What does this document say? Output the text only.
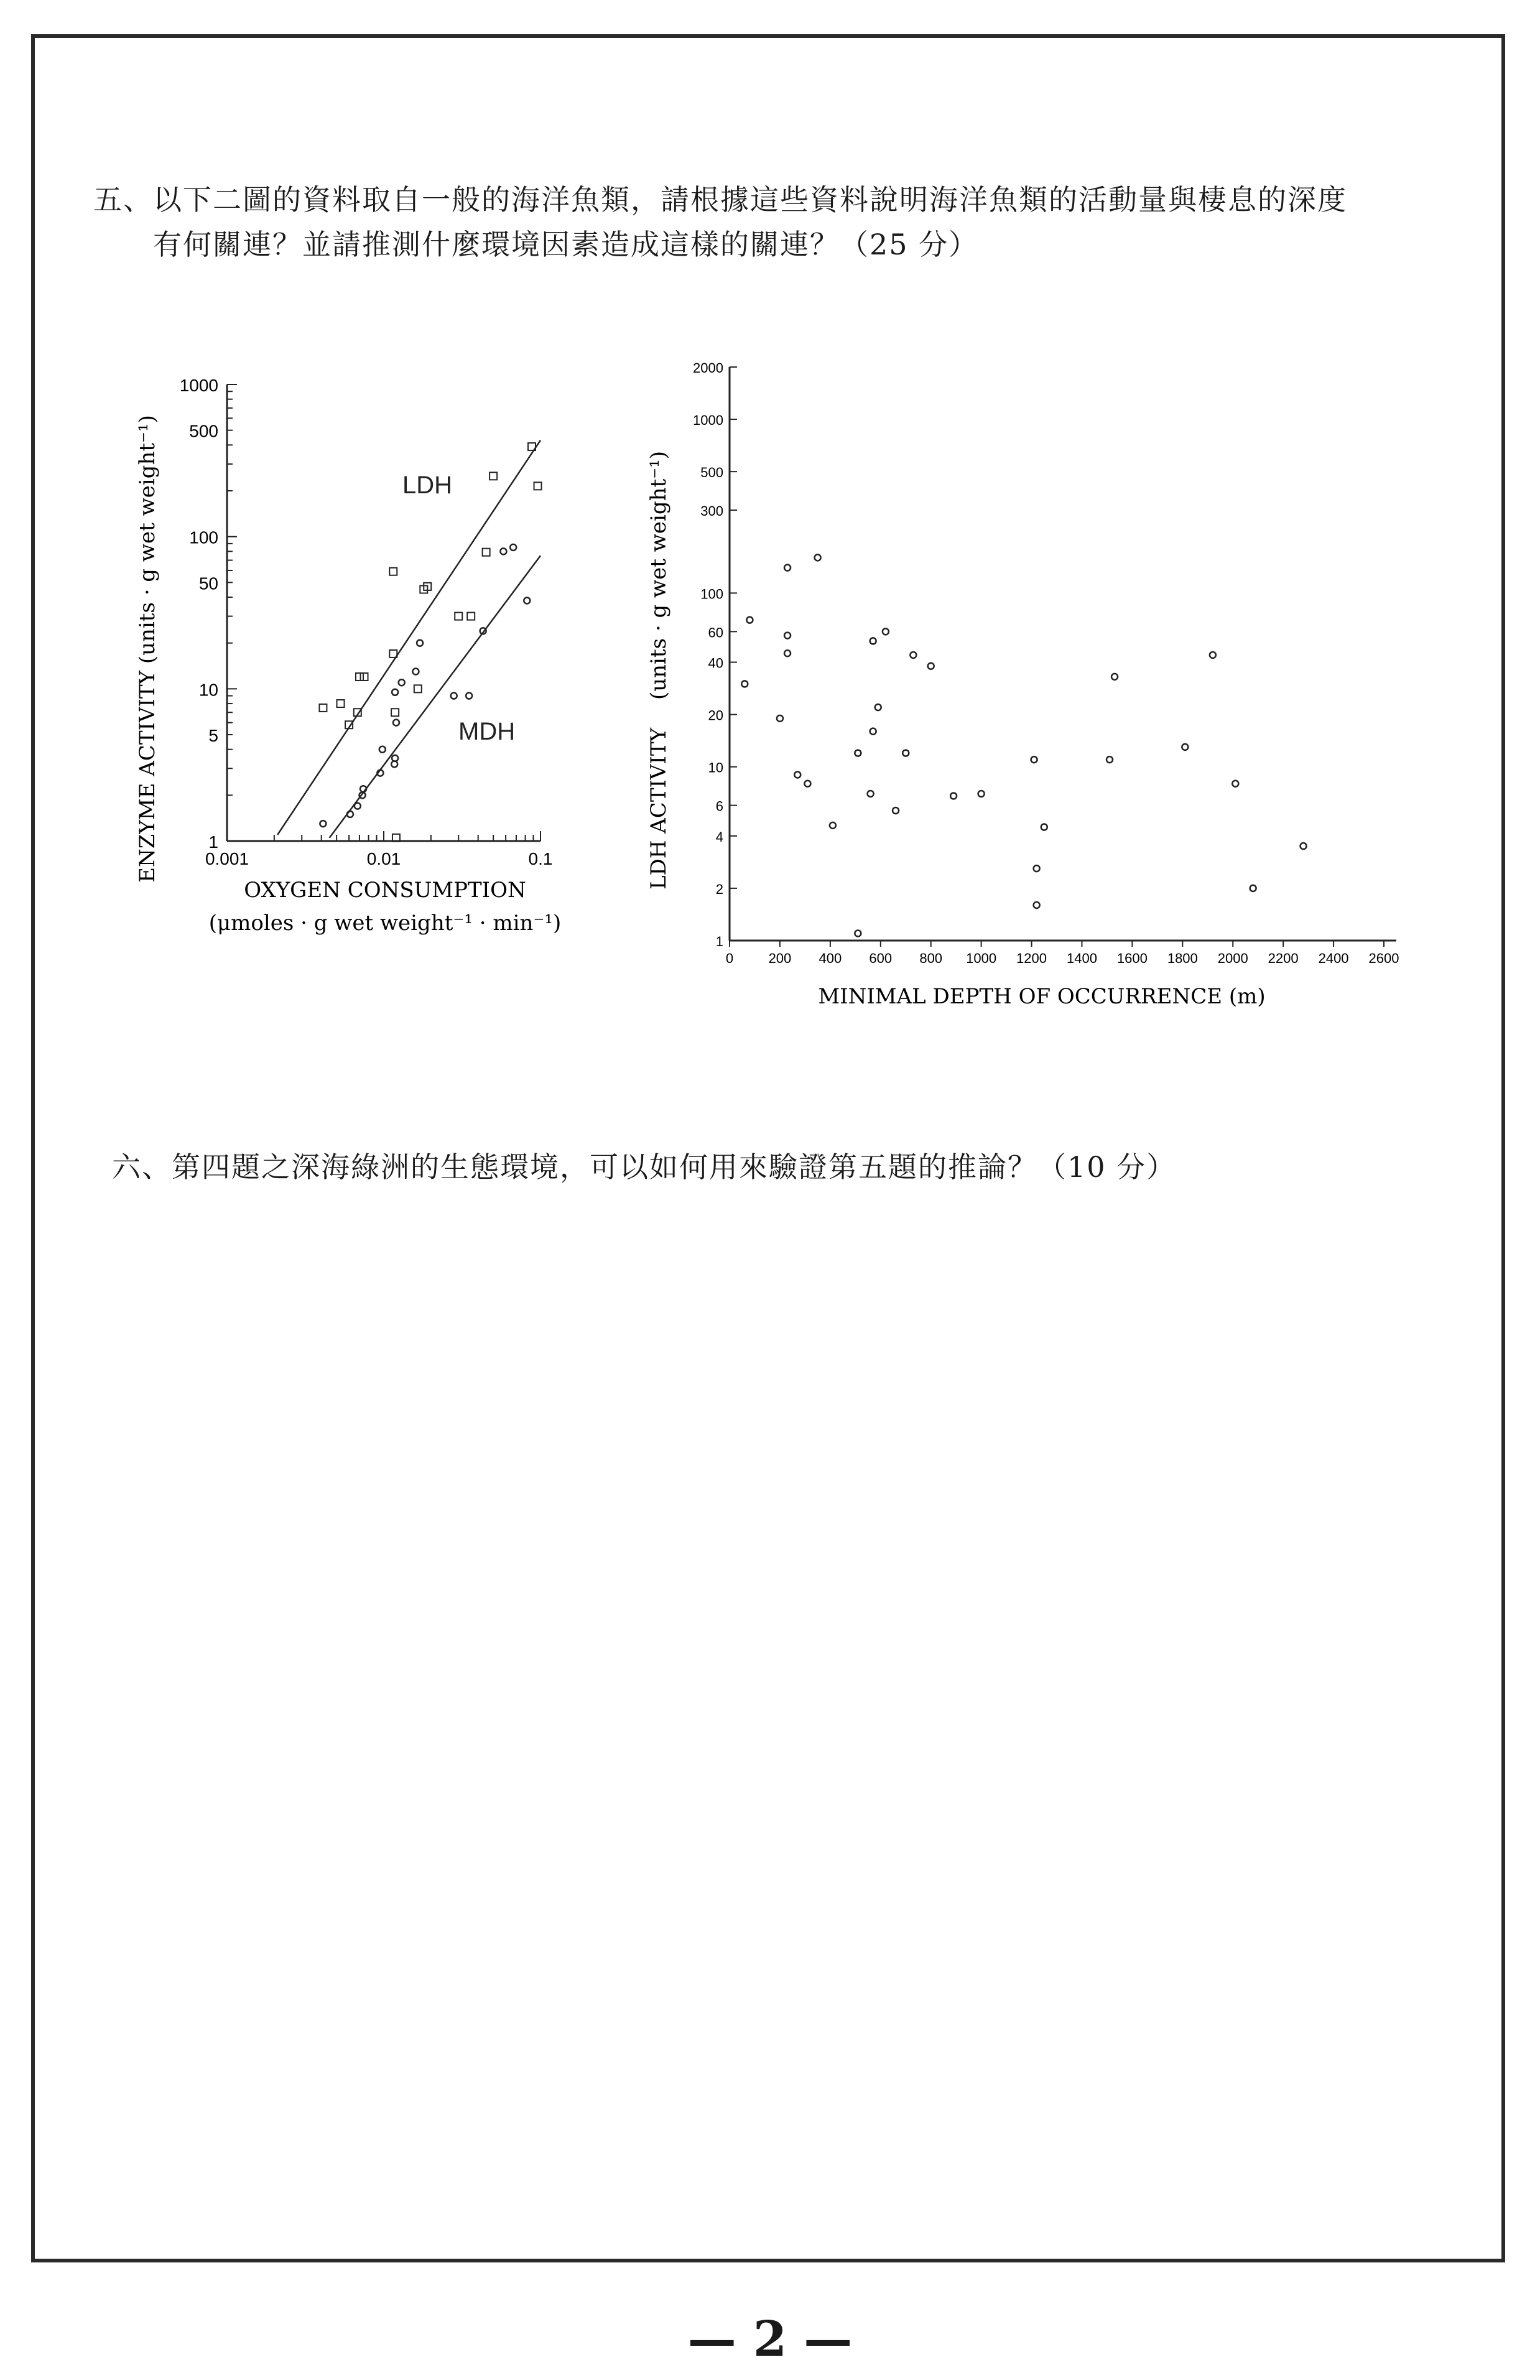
五、以下二圖的資料取自一般的海洋魚類，請根據這些資料說明海洋魚類的活動量與棲息的深度
有何關連？並請推測什麼環境因素造成這樣的關連？（25 分）
1
5
10
50
100
500
1000
0.001	0.01	0.1
ENZYME ACTIVITY (units · g wet weight⁻¹)
OXYGEN CONSUMPTION
(μmoles · g wet weight⁻¹ · min⁻¹)
LDH
MDH
1
2
4
6
10
20
40
60
100
300
500
1000
2000
0	200 400 600 800 1000 1200 1400 1600 1800 2000 2200 2400 2600
LDH ACTIVITY
(units · g wet weight⁻¹)
MINIMAL DEPTH OF OCCURRENCE (m)
六、第四題之深海綠洲的生態環境，可以如何用來驗證第五題的推論？（10 分）
— 2 —
